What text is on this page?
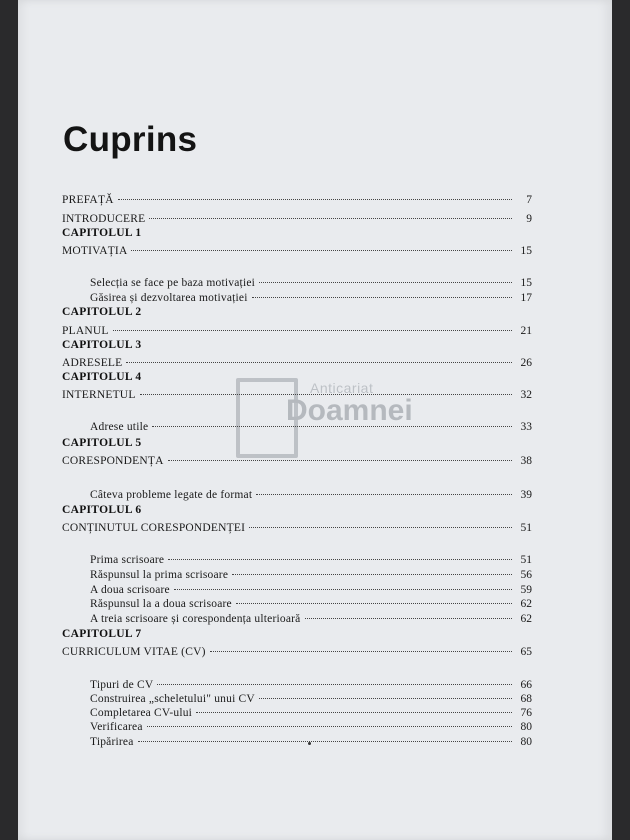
Cuprins
Anticariat
Doamnei
PREFAȚĂ	7
INTRODUCERE	9
CAPITOLUL 1
MOTIVAȚIA	15
Selecția se face pe baza motivației	15
Găsirea și dezvoltarea motivației	17
CAPITOLUL 2
PLANUL	21
CAPITOLUL 3
ADRESELE	26
CAPITOLUL 4
INTERNETUL	32
Adrese utile	33
CAPITOLUL 5
CORESPONDENȚA	38
Câteva probleme legate de format	39
CAPITOLUL 6
CONȚINUTUL CORESPONDENȚEI	51
Prima scrisoare	51
Răspunsul la prima scrisoare	56
A doua scrisoare	59
Răspunsul la a doua scrisoare	62
A treia scrisoare și corespondența ulterioară	62
CAPITOLUL 7
CURRICULUM VITAE (CV)	65
Tipuri de CV	66
Construirea „scheletului" unui CV	68
Completarea CV-ului	76
Verificarea	80
Tipărirea	80
